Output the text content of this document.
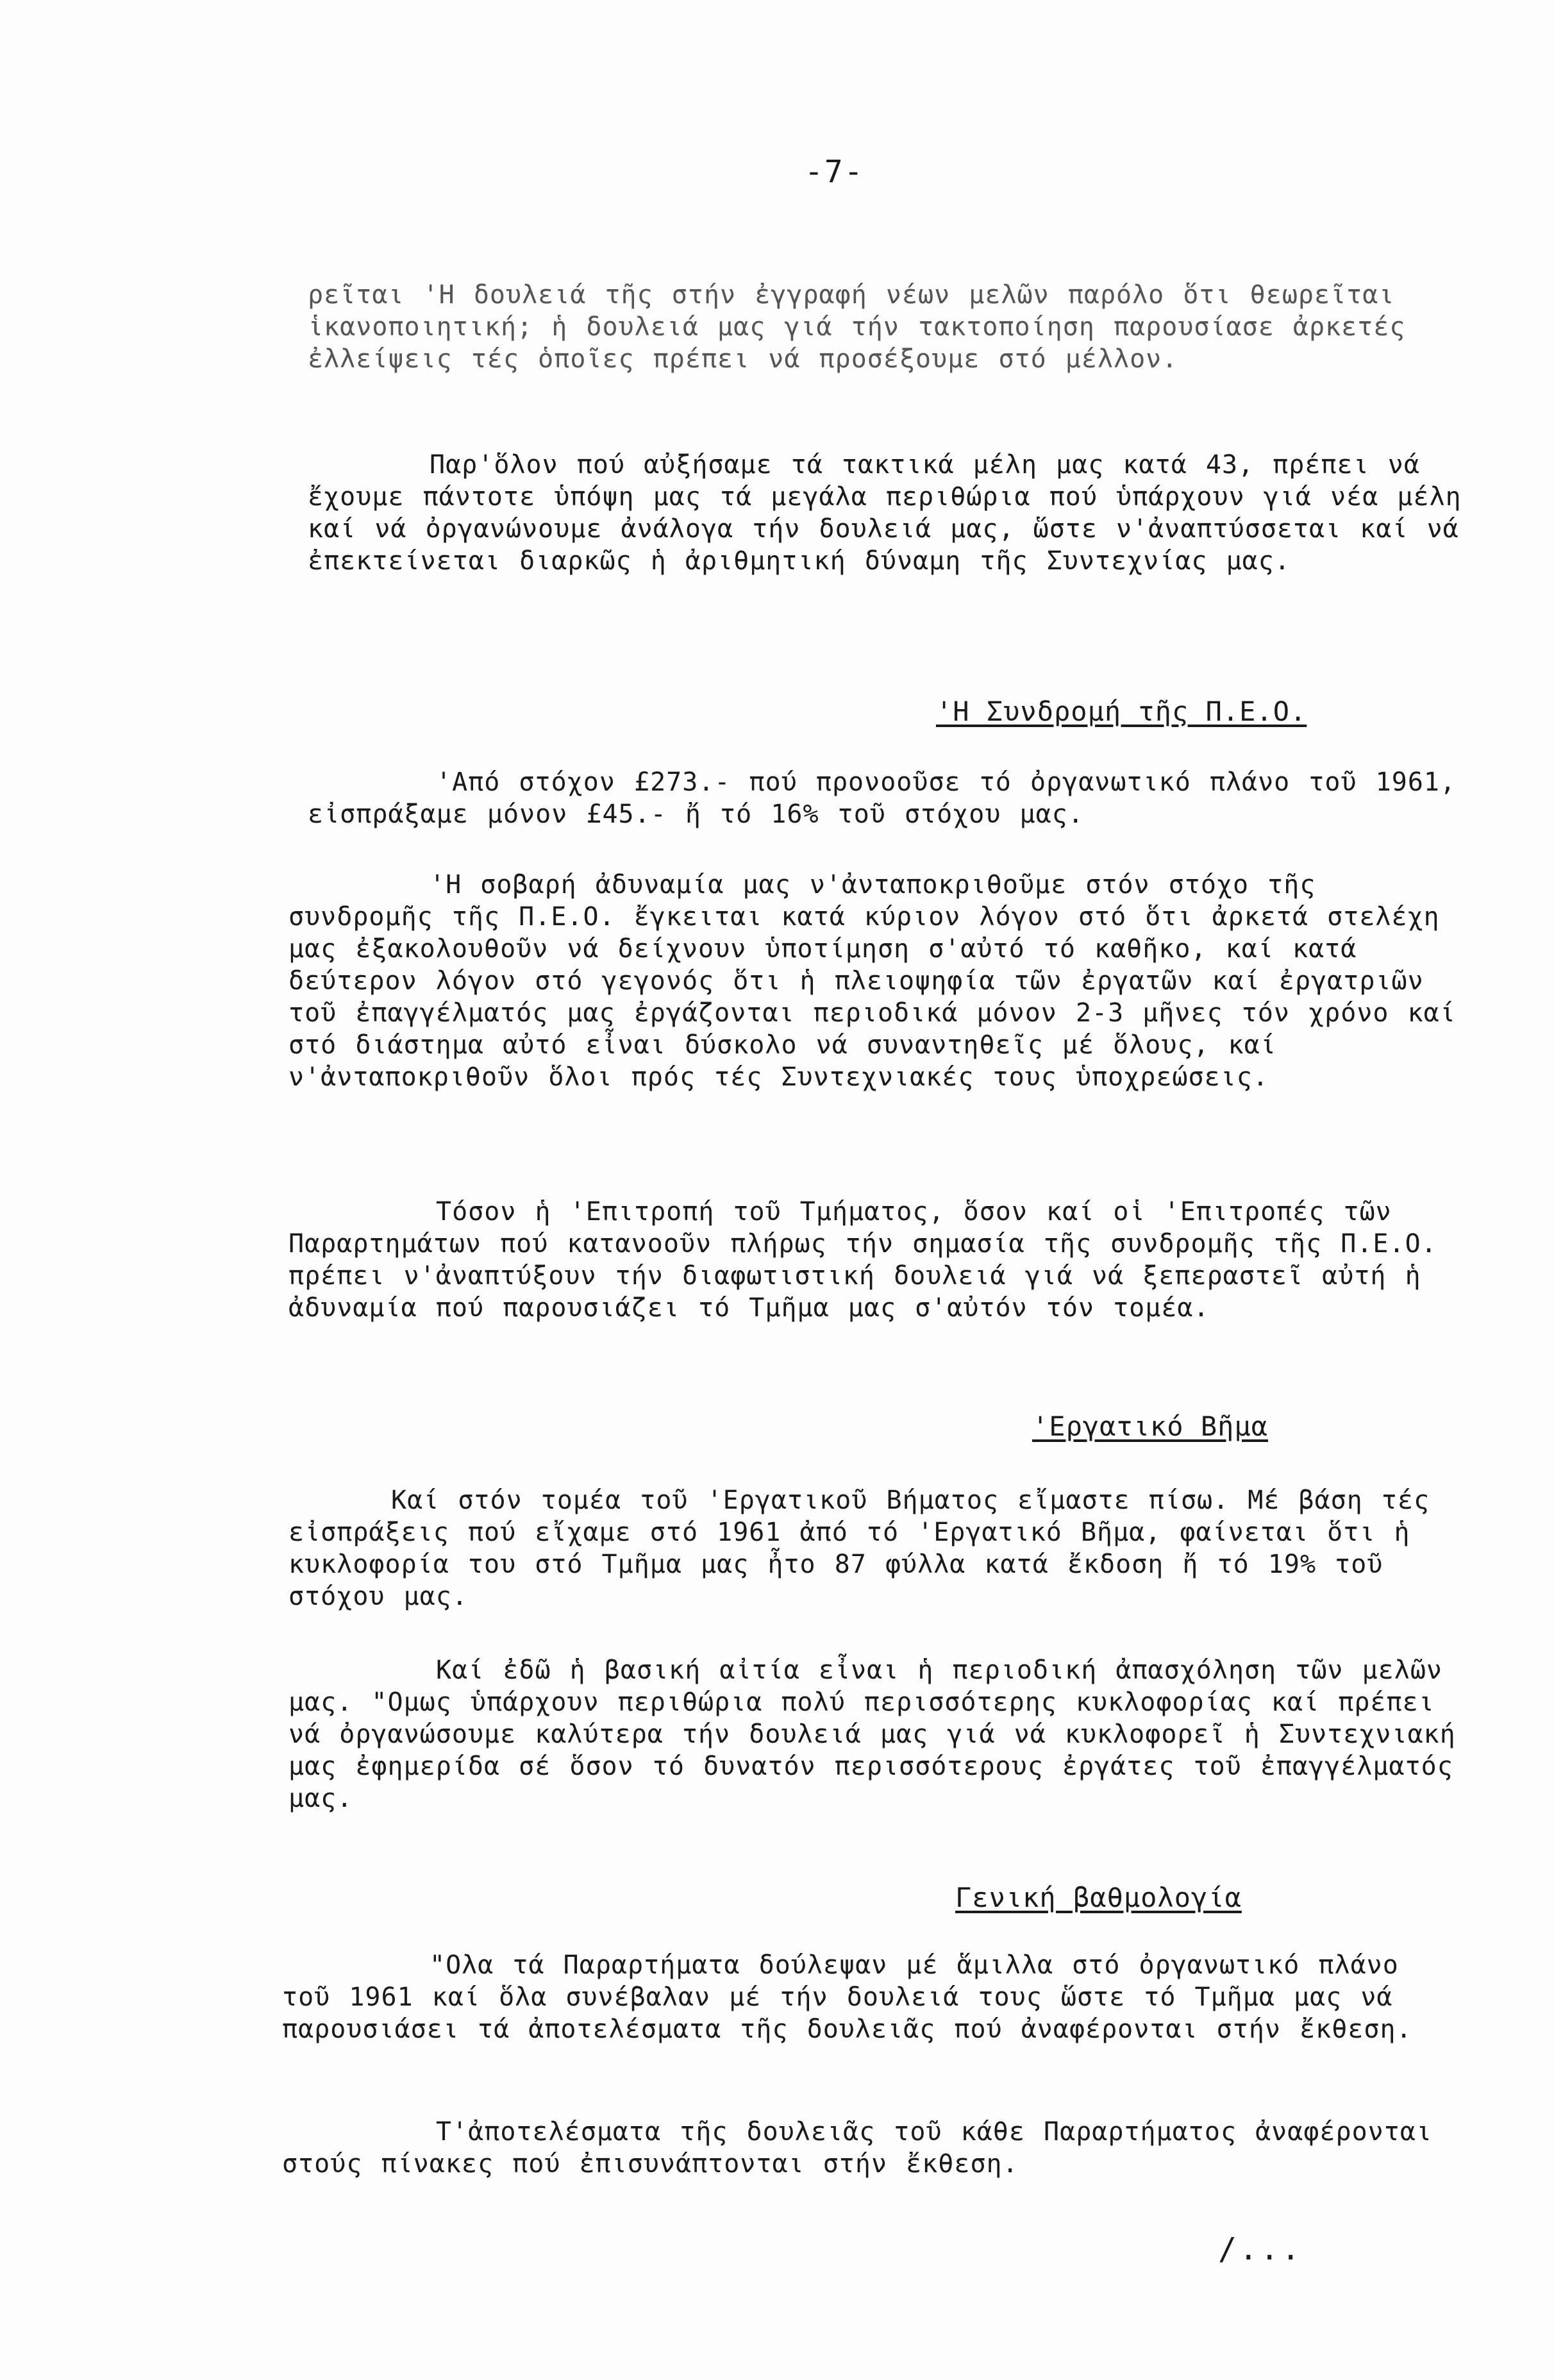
-7-

ρεῖται 'Η δουλειά τῆς στήν ἐγγραφή νέων μελῶν παρόλο ὅτι θεωρεῖται ἱκανοποιητική; ἡ δουλειά μας γιά τήν τακτοποίηση παρουσίασε ἀρκετές ἐλλείψεις τές ὁποῖες πρέπει νά προσέξουμε στό μέλλον.

Παρ'ὅλον πού αὐξήσαμε τά τακτικά μέλη μας κατά 43, πρέπει νά ἔχουμε πάντοτε ὑπόψη μας τά μεγάλα περιθώρια πού ὑπάρχουν γιά νέα μέλη καί νά ὀργανώνουμε ἀνάλογα τήν δουλειά μας, ὥστε ν'ἀναπτύσσεται καί νά ἐπεκτείνεται διαρκῶς ἡ ἀριθμητική δύναμη τῆς Συντεχνίας μας.

'Η Συνδρομή τῆς Π.Ε.Ο.

'Από στόχον £273.- πού προνοοῦσε τό ὀργανωτικό πλάνο τοῦ 1961, εἰσπράξαμε μόνον £45.- ἤ τό 16% τοῦ στόχου μας.

'Η σοβαρή ἀδυναμία μας ν'ἀνταποκριθοῦμε στόν στόχο τῆς συνδρομῆς τῆς Π.Ε.Ο. ἔγκειται κατά κύριον λόγον στό ὅτι ἀρκετά στελέχη μας ἐξακολουθοῦν νά δείχνουν ὑποτίμηση σ'αὐτό τό καθῆκο, καί κατά δεύτερον λόγον στό γεγονός ὅτι ἡ πλειοψηφία τῶν ἐργατῶν καί ἐργατριῶν τοῦ ἐπαγγέλματός μας ἐργάζονται περιοδικά μόνον 2-3 μῆνες τόν χρόνο καί στό διάστημα αὐτό εἶναι δύσκολο νά συναντηθεῖς μέ ὅλους, καί ν'ἀνταποκριθοῦν ὅλοι πρός τές Συντεχνιακές τους ὑποχρεώσεις.

Τόσον ἡ 'Επιτροπή τοῦ Τμήματος, ὅσον καί οἱ 'Επιτροπές τῶν Παραρτημάτων πού κατανοοῦν πλήρως τήν σημασία τῆς συνδρομῆς τῆς Π.Ε.Ο. πρέπει ν'ἀναπτύξουν τήν διαφωτιστική δουλειά γιά νά ξεπεραστεῖ αὐτή ἡ ἀδυναμία πού παρουσιάζει τό Τμῆμα μας σ'αὐτόν τόν τομέα.

'Εργατικό Βῆμα

Καί στόν τομέα τοῦ 'Εργατικοῦ Βήματος εἴμαστε πίσω. Μέ βάση τές εἰσπράξεις πού εἴχαμε στό 1961 ἀπό τό 'Εργατικό Βῆμα, φαίνεται ὅτι ἡ κυκλοφορία του στό Τμῆμα μας ἦτο 87 φύλλα κατά ἔκδοση ἤ τό 19% τοῦ στόχου μας.

Καί ἐδῶ ἡ βασική αἰτία εἶναι ἡ περιοδική ἀπασχόληση τῶν μελῶν μας. "Ομως ὑπάρχουν περιθώρια πολύ περισσότερης κυκλοφορίας καί πρέπει νά ὀργανώσουμε καλύτερα τήν δουλειά μας γιά νά κυκλοφορεῖ ἡ Συντεχνιακή μας ἐφημερίδα σέ ὅσον τό δυνατόν περισσότερους ἐργάτες τοῦ ἐπαγγέλματός μας.

Γενική βαθμολογία

"Ολα τά Παραρτήματα δούλεψαν μέ ἅμιλλα στό ὀργανωτικό πλάνο τοῦ 1961 καί ὅλα συνέβαλαν μέ τήν δουλειά τους ὥστε τό Τμῆμα μας νά παρουσιάσει τά ἀποτελέσματα τῆς δουλειᾶς πού ἀναφέρονται στήν ἔκθεση.

Τ'ἀποτελέσματα τῆς δουλειᾶς τοῦ κάθε Παραρτήματος ἀναφέρονται στούς πίνακες πού ἐπισυνάπτονται στήν ἔκθεση.

/...
